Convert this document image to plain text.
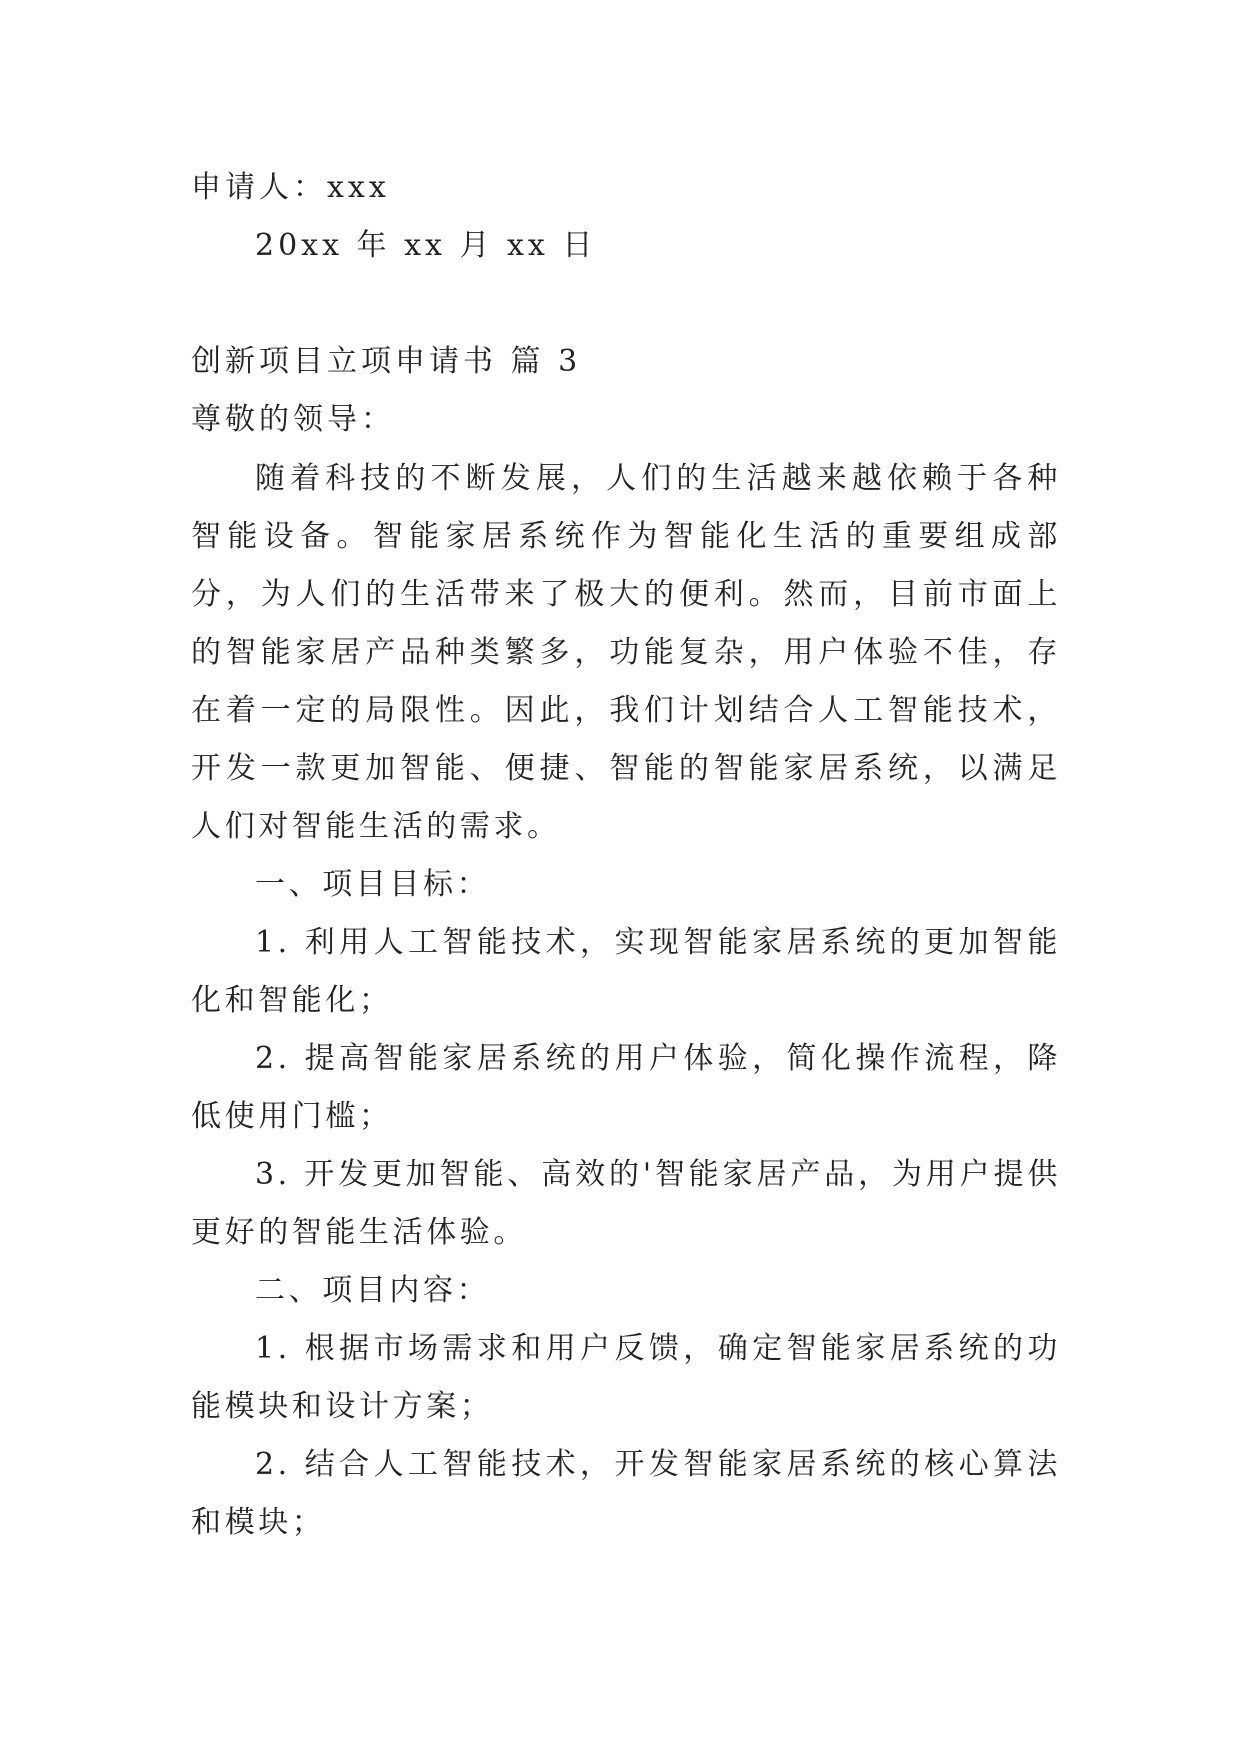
申请人：xxx
20xx 年 xx 月 xx 日
创新项目立项申请书 篇 3
尊敬的领导：

随着科技的不断发展，人们的生活越来越依赖于各种智能设备。智能家居系统作为智能化生活的重要组成部分，为人们的生活带来了极大的便利。然而，目前市面上的智能家居产品种类繁多，功能复杂，用户体验不佳，存在着一定的局限性。因此，我们计划结合人工智能技术，开发一款更加智能、便捷、智能的智能家居系统，以满足人们对智能生活的需求。

一、项目目标：

1. 利用人工智能技术，实现智能家居系统的更加智能化和智能化；

2. 提高智能家居系统的用户体验，简化操作流程，降低使用门槛；

3. 开发更加智能、高效的'智能家居产品，为用户提供更好的智能生活体验。

二、项目内容：

1. 根据市场需求和用户反馈，确定智能家居系统的功能模块和设计方案；

2. 结合人工智能技术，开发智能家居系统的核心算法和模块；
